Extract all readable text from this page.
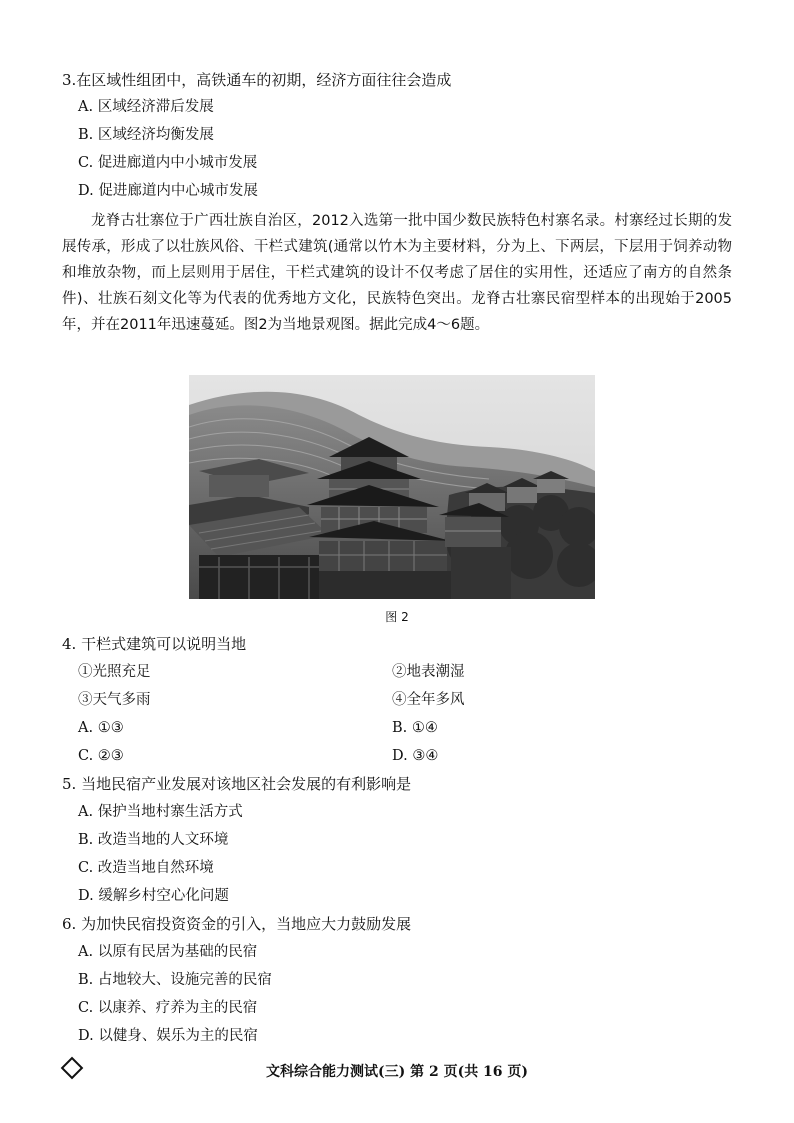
3.在区域性组团中，高铁通车的初期，经济方面往往会造成
A. 区域经济滞后发展
B. 区域经济均衡发展
C. 促进廊道内中小城市发展
D. 促进廊道内中心城市发展
龙脊古壮寨位于广西壮族自治区，2012入选第一批中国少数民族特色村寨名录。村寨经过长期的发展传承，形成了以壮族风俗、干栏式建筑(通常以竹木为主要材料，分为上、下两层，下层用于饲养动物和堆放杂物，而上层则用于居住，干栏式建筑的设计不仅考虑了居住的实用性，还适应了南方的自然条件)、壮族石刻文化等为代表的优秀地方文化，民族特色突出。龙脊古壮寨民宿型样本的出现始于2005年，并在2011年迅速蔓延。图2为当地景观图。据此完成4～6题。
图 2
4. 干栏式建筑可以说明当地
①光照充足	②地表潮湿
③天气多雨	④全年多风
A. ①③	B. ①④
C. ②③	D. ③④
5. 当地民宿产业发展对该地区社会发展的有利影响是
A. 保护当地村寨生活方式
B. 改造当地的人文环境
C. 改造当地自然环境
D. 缓解乡村空心化问题
6. 为加快民宿投资资金的引入，当地应大力鼓励发展
A. 以原有民居为基础的民宿
B. 占地较大、设施完善的民宿
C. 以康养、疗养为主的民宿
D. 以健身、娱乐为主的民宿
文科综合能力测试(三) 第 2 页(共 16 页)
